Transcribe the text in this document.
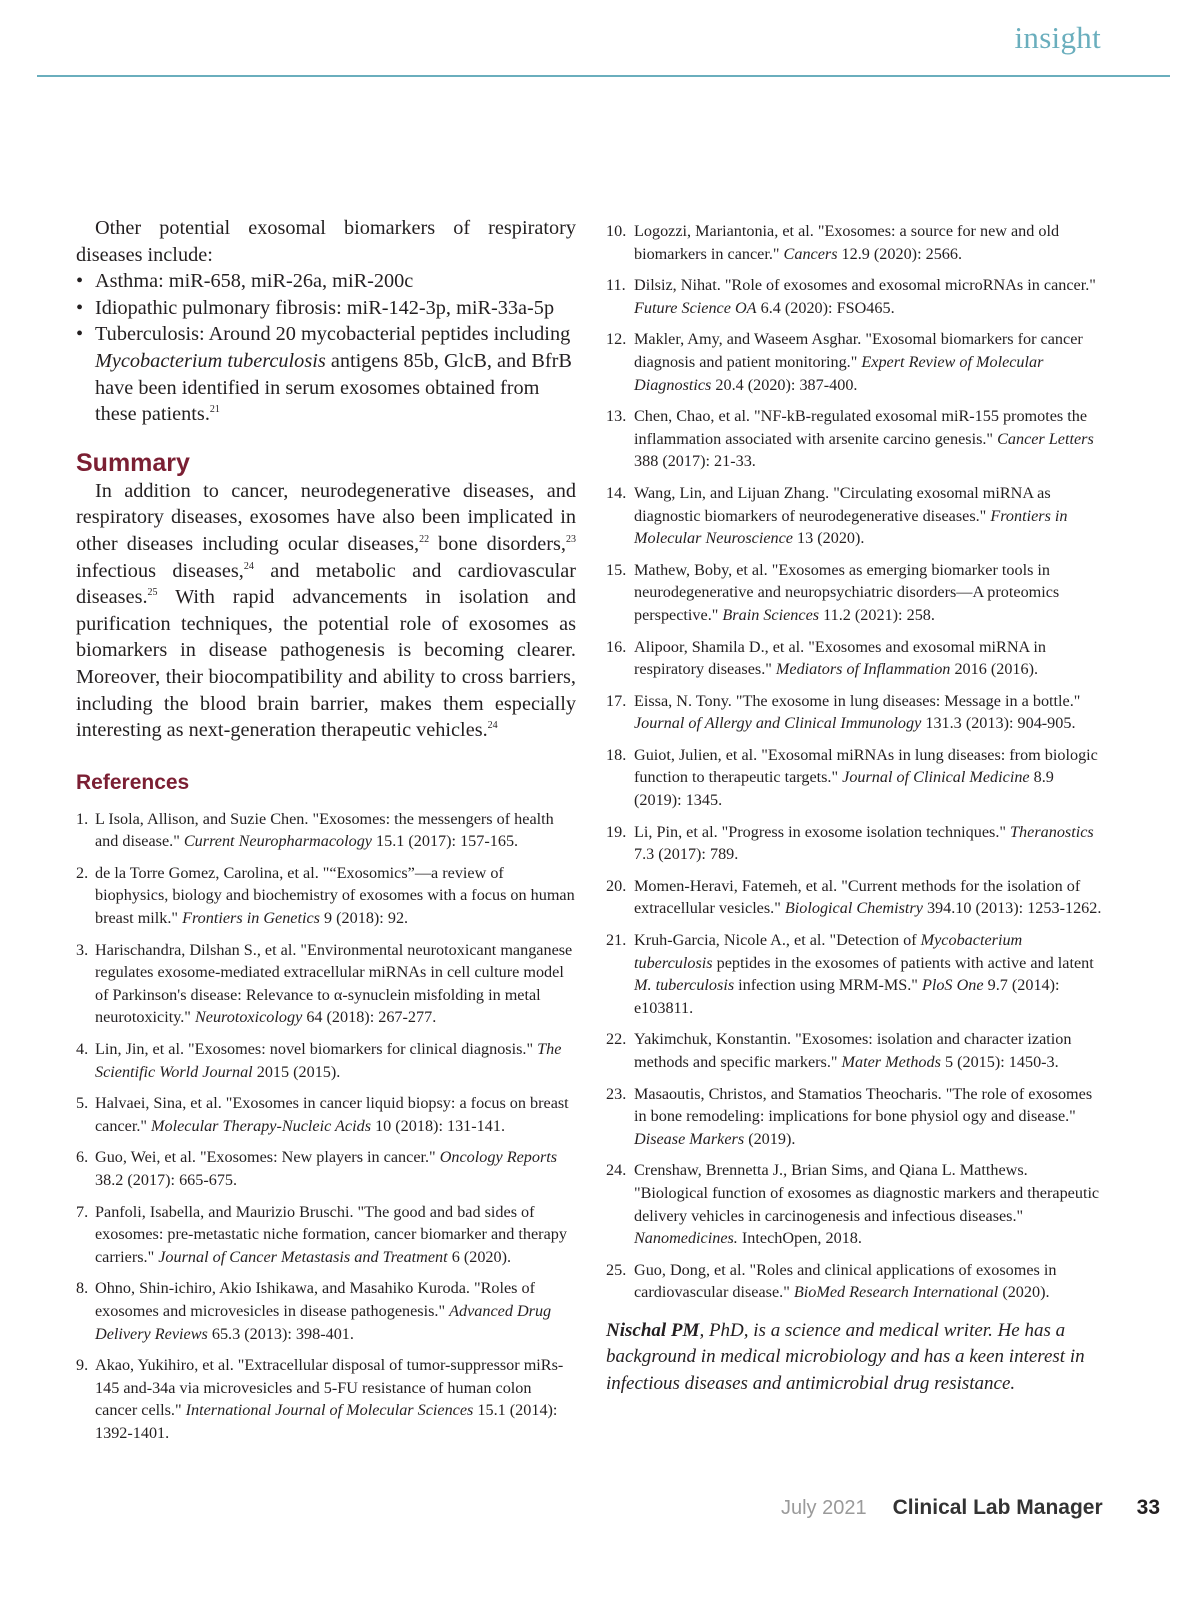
insight

Other potential exosomal biomarkers of respiratory diseases include:

• Asthma: miR-658, miR-26a, miR-200c
• Idiopathic pulmonary fibrosis: miR-142-3p, miR-33a-5p
• Tuberculosis: Around 20 mycobacterial peptides including Mycobacterium tuberculosis antigens 85b, GlcB, and BfrB have been identified in serum exosomes obtained from these patients.$^{21}$
Summary

In addition to cancer, neurodegenerative diseases, and respiratory diseases, exosomes have also been implicated in other diseases including ocular diseases,$^{22}$ bone disorders,$^{23}$ infectious diseases,$^{24}$ and metabolic and cardiovascular diseases.$^{25}$ With rapid advancements in isolation and purification techniques, the potential role of exosomes as biomarkers in disease pathogenesis is becoming clearer. Moreover, their biocompatibility and ability to cross barriers, including the blood brain barrier, makes them especially interesting as next-generation therapeutic vehicles.$^{24}$

References
1. L Isola, Allison, and Suzie Chen. "Exosomes: the messengers of health and disease." Current Neuropharmacology 15.1 (2017): 157-165.
2. de la Torre Gomez, Carolina, et al. "“Exosomics”—a review of biophysics, biology and biochemistry of exosomes with a focus on human breast milk." Frontiers in Genetics 9 (2018): 92.
3. Harischandra, Dilshan S., et al. "Environmental neurotoxicant manganese regulates exosome-mediated extracellular miRNAs in cell culture model of Parkinson's disease: Relevance to α-synuclein misfolding in metal neurotoxicity." Neurotoxicology 64 (2018): 267-277.
4. Lin, Jin, et al. "Exosomes: novel biomarkers for clinical diagnosis." The Scientific World Journal 2015 (2015).
5. Halvaei, Sina, et al. "Exosomes in cancer liquid biopsy: a focus on breast cancer." Molecular Therapy-Nucleic Acids 10 (2018): 131-141.
6. Guo, Wei, et al. "Exosomes: New players in cancer." Oncology Reports 38.2 (2017): 665-675.
7. Panfoli, Isabella, and Maurizio Bruschi. "The good and bad sides of exosomes: pre-metastatic niche formation, cancer biomarker and therapy carriers." Journal of Cancer Metastasis and Treatment 6 (2020).
8. Ohno, Shin-ichiro, Akio Ishikawa, and Masahiko Kuroda. "Roles of exosomes and microvesicles in disease pathogenesis." Advanced Drug Delivery Reviews 65.3 (2013): 398-401.
9. Akao, Yukihiro, et al. "Extracellular disposal of tumor-suppressor miRs-145 and-34a via microvesicles and 5-FU resistance of human colon cancer cells." International Journal of Molecular Sciences 15.1 (2014): 1392-1401.
10. Logozzi, Mariantonia, et al. "Exosomes: a source for new and old biomarkers in cancer." Cancers 12.9 (2020): 2566.
11. Dilsiz, Nihat. "Role of exosomes and exosomal microRNAs in cancer." Future Science OA 6.4 (2020): FSO465.
12. Makler, Amy, and Waseem Asghar. "Exosomal biomarkers for cancer diagnosis and patient monitoring." Expert Review of Molecular Diagnostics 20.4 (2020): 387-400.
13. Chen, Chao, et al. "NF-kB-regulated exosomal miR-155 promotes the inflammation associated with arsenite carcino genesis." Cancer Letters 388 (2017): 21-33.
14. Wang, Lin, and Lijuan Zhang. "Circulating exosomal miRNA as diagnostic biomarkers of neurodegenerative diseases." Frontiers in Molecular Neuroscience 13 (2020).
15. Mathew, Boby, et al. "Exosomes as emerging biomarker tools in neurodegenerative and neuropsychiatric disorders—A proteomics perspective." Brain Sciences 11.2 (2021): 258.
16. Alipoor, Shamila D., et al. "Exosomes and exosomal miRNA in respiratory diseases." Mediators of Inflammation 2016 (2016).
17. Eissa, N. Tony. "The exosome in lung diseases: Message in a bottle." Journal of Allergy and Clinical Immunology 131.3 (2013): 904-905.
18. Guiot, Julien, et al. "Exosomal miRNAs in lung diseases: from biologic function to therapeutic targets." Journal of Clinical Medicine 8.9 (2019): 1345.
19. Li, Pin, et al. "Progress in exosome isolation techniques." Theranostics 7.3 (2017): 789.
20. Momen-Heravi, Fatemeh, et al. "Current methods for the isolation of extracellular vesicles." Biological Chemistry 394.10 (2013): 1253-1262.
21. Kruh-Garcia, Nicole A., et al. "Detection of Mycobacterium tuberculosis peptides in the exosomes of patients with active and latent M. tuberculosis infection using MRM-MS." PloS One 9.7 (2014): e103811.
22. Yakimchuk, Konstantin. "Exosomes: isolation and character ization methods and specific markers." Mater Methods 5 (2015): 1450-3.
23. Masaoutis, Christos, and Stamatios Theocharis. "The role of exosomes in bone remodeling: implications for bone physiol ogy and disease." Disease Markers (2019).
24. Crenshaw, Brennetta J., Brian Sims, and Qiana L. Matthews. "Biological function of exosomes as diagnostic markers and therapeutic delivery vehicles in carcinogenesis and infectious diseases." Nanomedicines. IntechOpen, 2018.
25. Guo, Dong, et al. "Roles and clinical applications of exosomes in cardiovascular disease." BioMed Research International (2020).

Nischal PM, PhD, is a science and medical writer. He has a background in medical microbiology and has a keen interest in infectious diseases and antimicrobial drug resistance.

July 2021 Clinical Lab Manager 33
